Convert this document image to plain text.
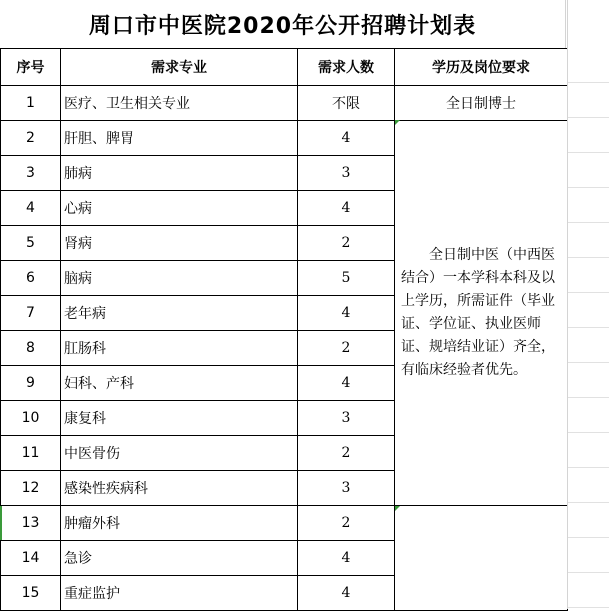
周口市中医院2020年公开招聘计划表
序号	需求专业	需求人数	学历及岗位要求
1	医疗、卫生相关专业	不限	全日制博士
2	肝胆、脾胃	4	全日制中医（中西医结合）一本学科本科及以上学历，所需证件（毕业证、学位证、执业医师证、规培结业证）齐全，有临床经验者优先。

3	肺病	3	
4	心病	4	
5	肾病	2	
6	脑病	5	
7	老年病	4	
8	肛肠科	2	
9	妇科、产科	4	
10	康复科	3	
11	中医骨伤	2	
12	感染性疾病科	3	
13	肿瘤外科	2	
14	急诊	4	
15	重症监护	4	
